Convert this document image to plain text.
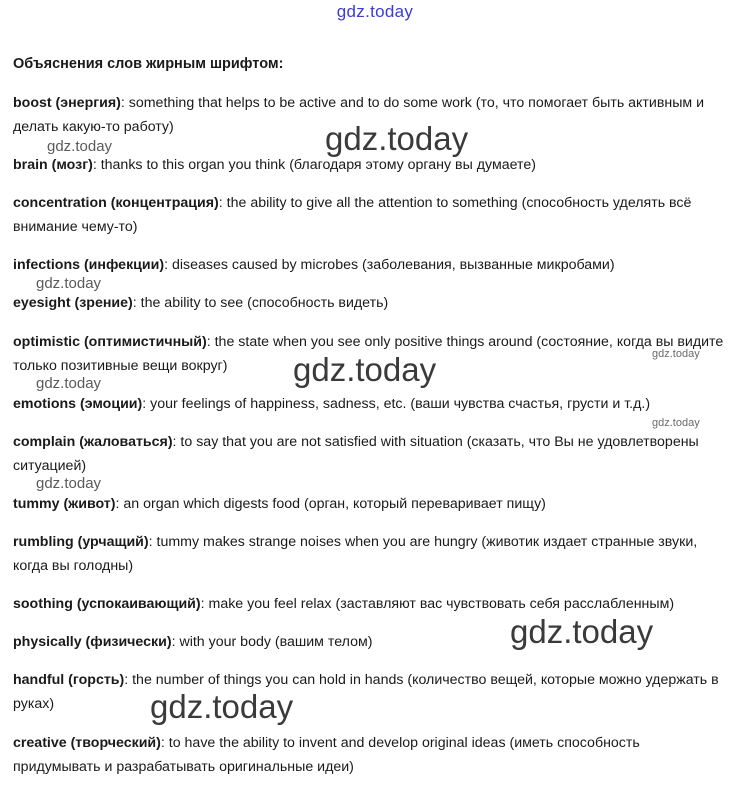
gdz.today
Объяснения слов жирным шрифтом:
boost (энергия): something that helps to be active and to do some work (то, что помогает быть активным и делать какую-то работу)
brain (мозг): thanks to this organ you think (благодаря этому органу вы думаете)
concentration (концентрация): the ability to give all the attention to something (способность уделять всё внимание чему-то)
infections (инфекции): diseases caused by microbes (заболевания, вызванные микробами)
eyesight (зрение): the ability to see (способность видеть)
optimistic (оптимистичный): the state when you see only positive things around (состояние, когда вы видите только позитивные вещи вокруг)
emotions (эмоции): your feelings of happiness, sadness, etc. (ваши чувства счастья, грусти и т.д.)
complain (жаловаться): to say that you are not satisfied with situation (сказать, что Вы не удовлетворены ситуацией)
tummy (живот): an organ which digests food (орган, который переваривает пищу)
rumbling (урчащий): tummy makes strange noises when you are hungry (животик издает странные звуки, когда вы голодны)
soothing (успокаивающий): make you feel relax (заставляют вас чувствовать себя расслабленным)
physically (физически): with your body (вашим телом)
handful (горсть): the number of things you can hold in hands (количество вещей, которые можно удержать в руках)
creative (творческий): to have the ability to invent and develop original ideas (иметь способность придумывать и разрабатывать оригинальные идеи)
gdz.today
gdz.today
gdz.today
gdz.today	gdz.today
gdz.today
gdz.today
gdz.today
gdz.today
gdz.today
